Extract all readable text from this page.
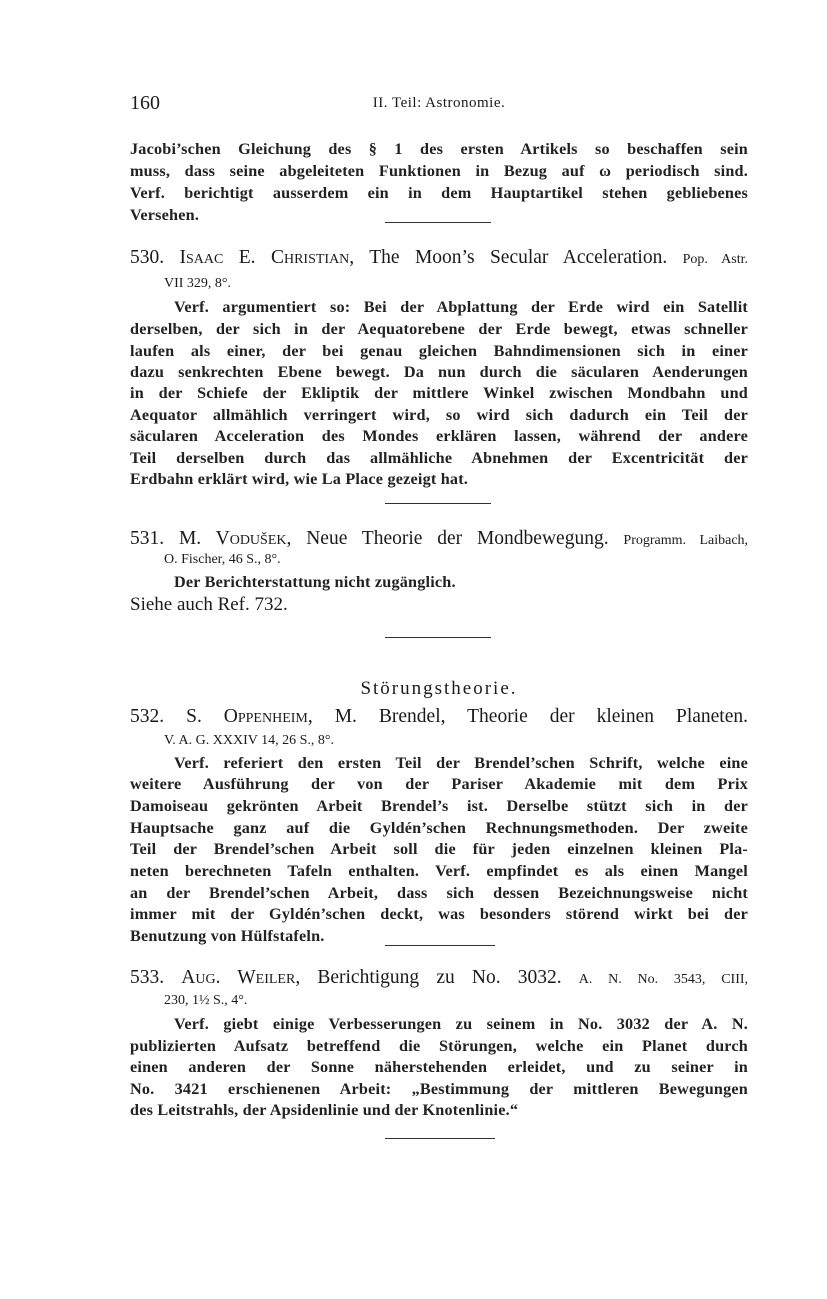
160	II. Teil: Astronomie.
Jacobi’schen Gleichung des § 1 des ersten Artikels so beschaffen sein
muss, dass seine abgeleiteten Funktionen in Bezug auf ω periodisch sind.
Verf. berichtigt ausserdem ein in dem Hauptartikel stehen gebliebenes
Versehen.
530. Isaac E. Christian, The Moon’s Secular Acceleration. Pop. Astr.
VII 329, 8°.
Verf. argumentiert so: Bei der Abplattung der Erde wird ein Satellit
derselben, der sich in der Aequatorebene der Erde bewegt, etwas schneller
laufen als einer, der bei genau gleichen Bahndimensionen sich in einer
dazu senkrechten Ebene bewegt. Da nun durch die säcularen Aenderungen
in der Schiefe der Ekliptik der mittlere Winkel zwischen Mondbahn und
Aequator allmählich verringert wird, so wird sich dadurch ein Teil der
säcularen Acceleration des Mondes erklären lassen, während der andere
Teil derselben durch das allmähliche Abnehmen der Excentricität der
Erdbahn erklärt wird, wie La Place gezeigt hat.
531. M. Vodušek, Neue Theorie der Mondbewegung. Programm. Laibach,
O. Fischer, 46 S., 8°.
Der Berichterstattung nicht zugänglich.
Siehe auch Ref. 732.
Störungstheorie.
532. S. Oppenheim, M. Brendel, Theorie der kleinen Planeten.
V. A. G. XXXIV 14, 26 S., 8°.
Verf. referiert den ersten Teil der Brendel’schen Schrift, welche eine
weitere Ausführung der von der Pariser Akademie mit dem Prix
Damoiseau gekrönten Arbeit Brendel’s ist. Derselbe stützt sich in der
Hauptsache ganz auf die Gyldén’schen Rechnungsmethoden. Der zweite
Teil der Brendel’schen Arbeit soll die für jeden einzelnen kleinen Pla-
neten berechneten Tafeln enthalten. Verf. empfindet es als einen Mangel
an der Brendel’schen Arbeit, dass sich dessen Bezeichnungsweise nicht
immer mit der Gyldén’schen deckt, was besonders störend wirkt bei der
Benutzung von Hülfstafeln.
533. Aug. Weiler, Berichtigung zu No. 3032. A. N. No. 3543, CIII,
230, 1½ S., 4°.
Verf. giebt einige Verbesserungen zu seinem in No. 3032 der A. N.
publizierten Aufsatz betreffend die Störungen, welche ein Planet durch
einen anderen der Sonne näherstehenden erleidet, und zu seiner in
No. 3421 erschienenen Arbeit: „Bestimmung der mittleren Bewegungen
des Leitstrahls, der Apsidenlinie und der Knotenlinie.“
